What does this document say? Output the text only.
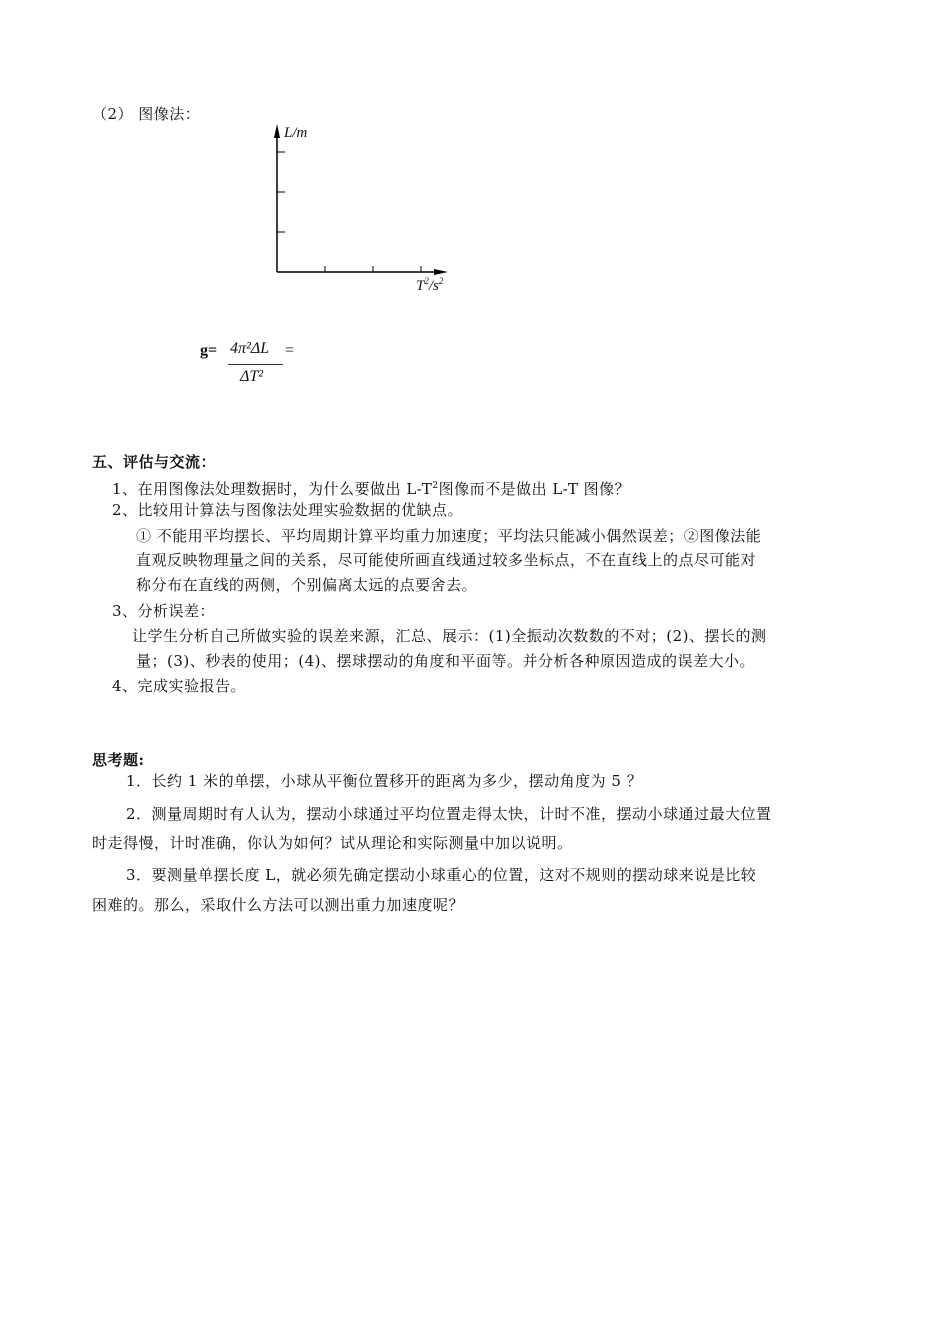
（2） 图像法：
L/m
$T^2/s^2$
g= 4π²ΔL =
ΔT²
五、评估与交流：
1、在用图像法处理数据时，为什么要做出 $L-T^2$图像而不是做出 L-T 图像？
2、比较用计算法与图像法处理实验数据的优缺点。
① 不能用平均摆长、平均周期计算平均重力加速度；平均法只能减小偶然误差；②图像法能
直观反映物理量之间的关系，尽可能使所画直线通过较多坐标点，不在直线上的点尽可能对
称分布在直线的两侧，个别偏离太远的点要舍去。
3、分析误差：
让学生分析自己所做实验的误差来源，汇总、展示：(1)全振动次数数的不对；(2)、摆长的测
量；(3)、秒表的使用；(4)、摆球摆动的角度和平面等。并分析各种原因造成的误差大小。
4、完成实验报告。
思考题:
1．长约 1 米的单摆，小球从平衡位置移开的距离为多少，摆动角度为 5 ？
2．测量周期时有人认为，摆动小球通过平均位置走得太快，计时不准，摆动小球通过最大位置
时走得慢，计时准确，你认为如何？试从理论和实际测量中加以说明。
3．要测量单摆长度 L，就必须先确定摆动小球重心的位置，这对不规则的摆动球来说是比较
困难的。那么，采取什么方法可以测出重力加速度呢？
